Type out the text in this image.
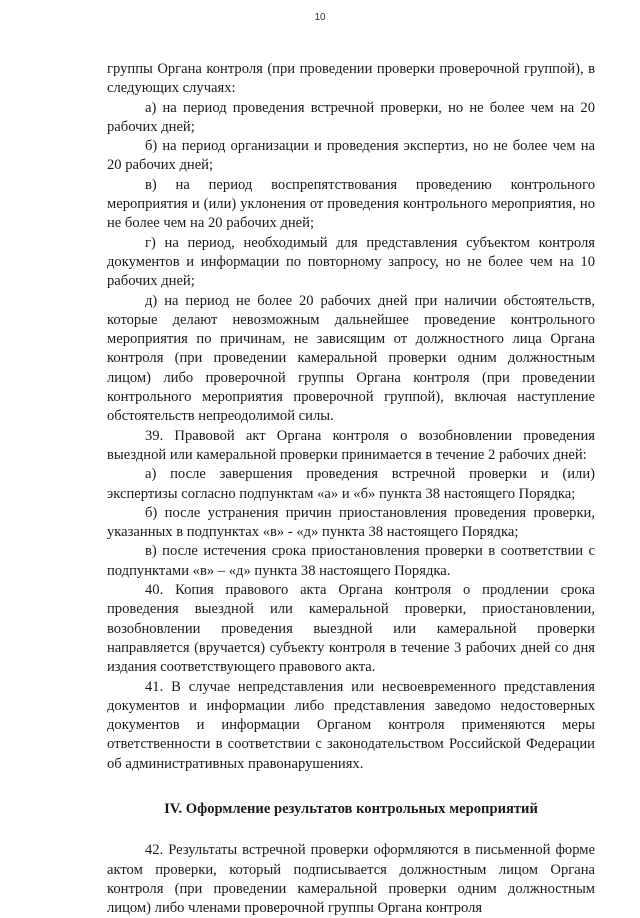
10

группы Органа контроля (при проведении проверки проверочной группой), в следующих случаях:

а) на период проведения встречной проверки, но не более чем на 20 рабочих дней;

б) на период организации и проведения экспертиз, но не более чем на 20 рабочих дней;

в) на период воспрепятствования проведению контрольного мероприятия и (или) уклонения от проведения контрольного мероприятия, но не более чем на 20 рабочих дней;

г) на период, необходимый для представления субъектом контроля документов и информации по повторному запросу, но не более чем на 10 рабочих дней;

д) на период не более 20 рабочих дней при наличии обстоятельств, которые делают невозможным дальнейшее проведение контрольного мероприятия по причинам, не зависящим от должностного лица Органа контроля (при проведении камеральной проверки одним должностным лицом) либо проверочной группы Органа контроля (при проведении контрольного мероприятия проверочной группой), включая наступление обстоятельств непреодолимой силы.

39. Правовой акт Органа контроля о возобновлении проведения выездной или камеральной проверки принимается в течение 2 рабочих дней:

а) после завершения проведения встречной проверки и (или) экспертизы согласно подпунктам «а» и «б» пункта 38 настоящего Порядка;

б) после устранения причин приостановления проведения проверки, указанных в подпунктах «в» - «д» пункта 38 настоящего Порядка;

в) после истечения срока приостановления проверки в соответствии с подпунктами «в» – «д» пункта 38 настоящего Порядка.

40. Копия правового акта Органа контроля о продлении срока проведения выездной или камеральной проверки, приостановлении, возобновлении проведения выездной или камеральной проверки направляется (вручается) субъекту контроля в течение 3 рабочих дней со дня издания соответствующего правового акта.

41. В случае непредставления или несвоевременного представления документов и информации либо представления заведомо недостоверных документов и информации Органом контроля применяются меры ответственности в соответствии с законодательством Российской Федерации об административных правонарушениях.

IV. Оформление результатов контрольных мероприятий

42. Результаты встречной проверки оформляются в письменной форме актом проверки, который подписывается должностным лицом Органа контроля (при проведении камеральной проверки одним должностным лицом) либо членами проверочной группы Органа контроля
